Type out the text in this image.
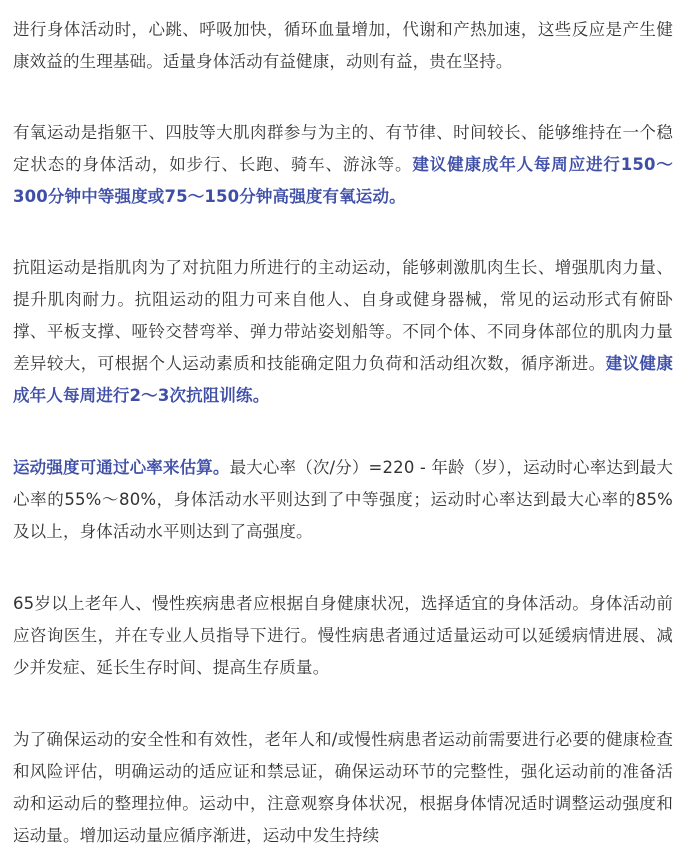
进行身体活动时，心跳、呼吸加快，循环血量增加，代谢和产热加速，这些反应是产生健康效益的生理基础。适量身体活动有益健康，动则有益，贵在坚持。

有氧运动是指躯干、四肢等大肌肉群参与为主的、有节律、时间较长、能够维持在一个稳定状态的身体活动，如步行、长跑、骑车、游泳等。建议健康成年人每周应进行150～300分钟中等强度或75～150分钟高强度有氧运动。

抗阻运动是指肌肉为了对抗阻力所进行的主动运动，能够刺激肌肉生长、增强肌肉力量、提升肌肉耐力。抗阻运动的阻力可来自他人、自身或健身器械，常见的运动形式有俯卧撑、平板支撑、哑铃交替弯举、弹力带站姿划船等。不同个体、不同身体部位的肌肉力量差异较大，可根据个人运动素质和技能确定阻力负荷和活动组次数，循序渐进。建议健康成年人每周进行2～3次抗阻训练。

运动强度可通过心率来估算。最大心率（次/分）=220 - 年龄（岁），运动时心率达到最大心率的55%～80%，身体活动水平则达到了中等强度；运动时心率达到最大心率的85%及以上，身体活动水平则达到了高强度。

65岁以上老年人、慢性疾病患者应根据自身健康状况，选择适宜的身体活动。身体活动前应咨询医生，并在专业人员指导下进行。慢性病患者通过适量运动可以延缓病情进展、减少并发症、延长生存时间、提高生存质量。

为了确保运动的安全性和有效性，老年人和/或慢性病患者运动前需要进行必要的健康检查和风险评估，明确运动的适应证和禁忌证，确保运动环节的完整性，强化运动前的准备活动和运动后的整理拉伸。运动中，注意观察身体状况，根据身体情况适时调整运动强度和运动量。增加运动量应循序渐进，运动中发生持续
